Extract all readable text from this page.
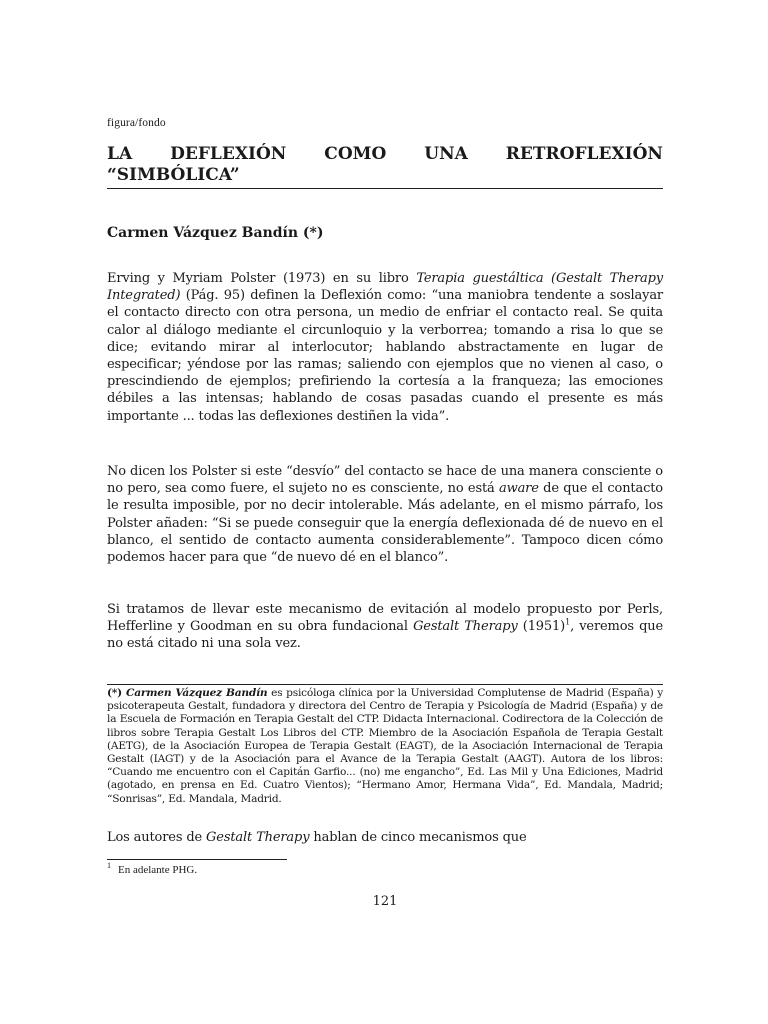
figura/fondo
LA DEFLEXIÓN COMO UNA RETROFLEXIÓN
“SIMBÓLICA”
Carmen Vázquez Bandín (*)
Erving y Myriam Polster (1973) en su libro Terapia guestáltica (Gestalt Therapy Integrated) (Pág. 95) definen la Deflexión como: “una maniobra tendente a soslayar el contacto directo con otra persona, un medio de enfriar el contacto real. Se quita calor al diálogo mediante el circunloquio y la verborrea; tomando a risa lo que se dice; evitando mirar al interlocutor; hablando abstractamente en lugar de especificar; yéndose por las ramas; saliendo con ejemplos que no vienen al caso, o prescindiendo de ejemplos; prefiriendo la cortesía a la franqueza; las emociones débiles a las intensas; hablando de cosas pasadas cuando el presente es más importante ... todas las deflexiones destiñen la vida”.
No dicen los Polster si este “desvío” del contacto se hace de una manera consciente o no pero, sea como fuere, el sujeto no es consciente, no está aware de que el contacto le resulta imposible, por no decir intolerable. Más adelante, en el mismo párrafo, los Polster añaden: “Si se puede conseguir que la energía deflexionada dé de nuevo en el blanco, el sentido de contacto aumenta considerablemente”. Tampoco dicen cómo podemos hacer para que “de nuevo dé en el blanco”.
Si tratamos de llevar este mecanismo de evitación al modelo propuesto por Perls, Hefferline y Goodman en su obra fundacional Gestalt Therapy $(1951)^1$, veremos que no está citado ni una sola vez.
(*) Carmen Vázquez Bandín es psicóloga clínica por la Universidad Complutense de Madrid (España) y psicoterapeuta Gestalt, fundadora y directora del Centro de Terapia y Psicología de Madrid (España) y de la Escuela de Formación en Terapia Gestalt del CTP. Didacta Internacional. Codirectora de la Colección de libros sobre Terapia Gestalt Los Libros del CTP. Miembro de la Asociación Española de Terapia Gestalt (AETG), de la Asociación Europea de Terapia Gestalt (EAGT), de la Asociación Internacional de Terapia Gestalt (IAGT) y de la Asociación para el Avance de la Terapia Gestalt (AAGT). Autora de los libros: “Cuando me encuentro con el Capitán Garfio... (no) me engancho”, Ed. Las Mil y Una Ediciones, Madrid (agotado, en prensa en Ed. Cuatro Vientos); “Hermano Amor, Hermana Vida”, Ed. Mandala, Madrid; “Sonrisas”, Ed. Mandala, Madrid.
Los autores de Gestalt Therapy hablan de cinco mecanismos que
$^1$ En adelante PHG.
121
